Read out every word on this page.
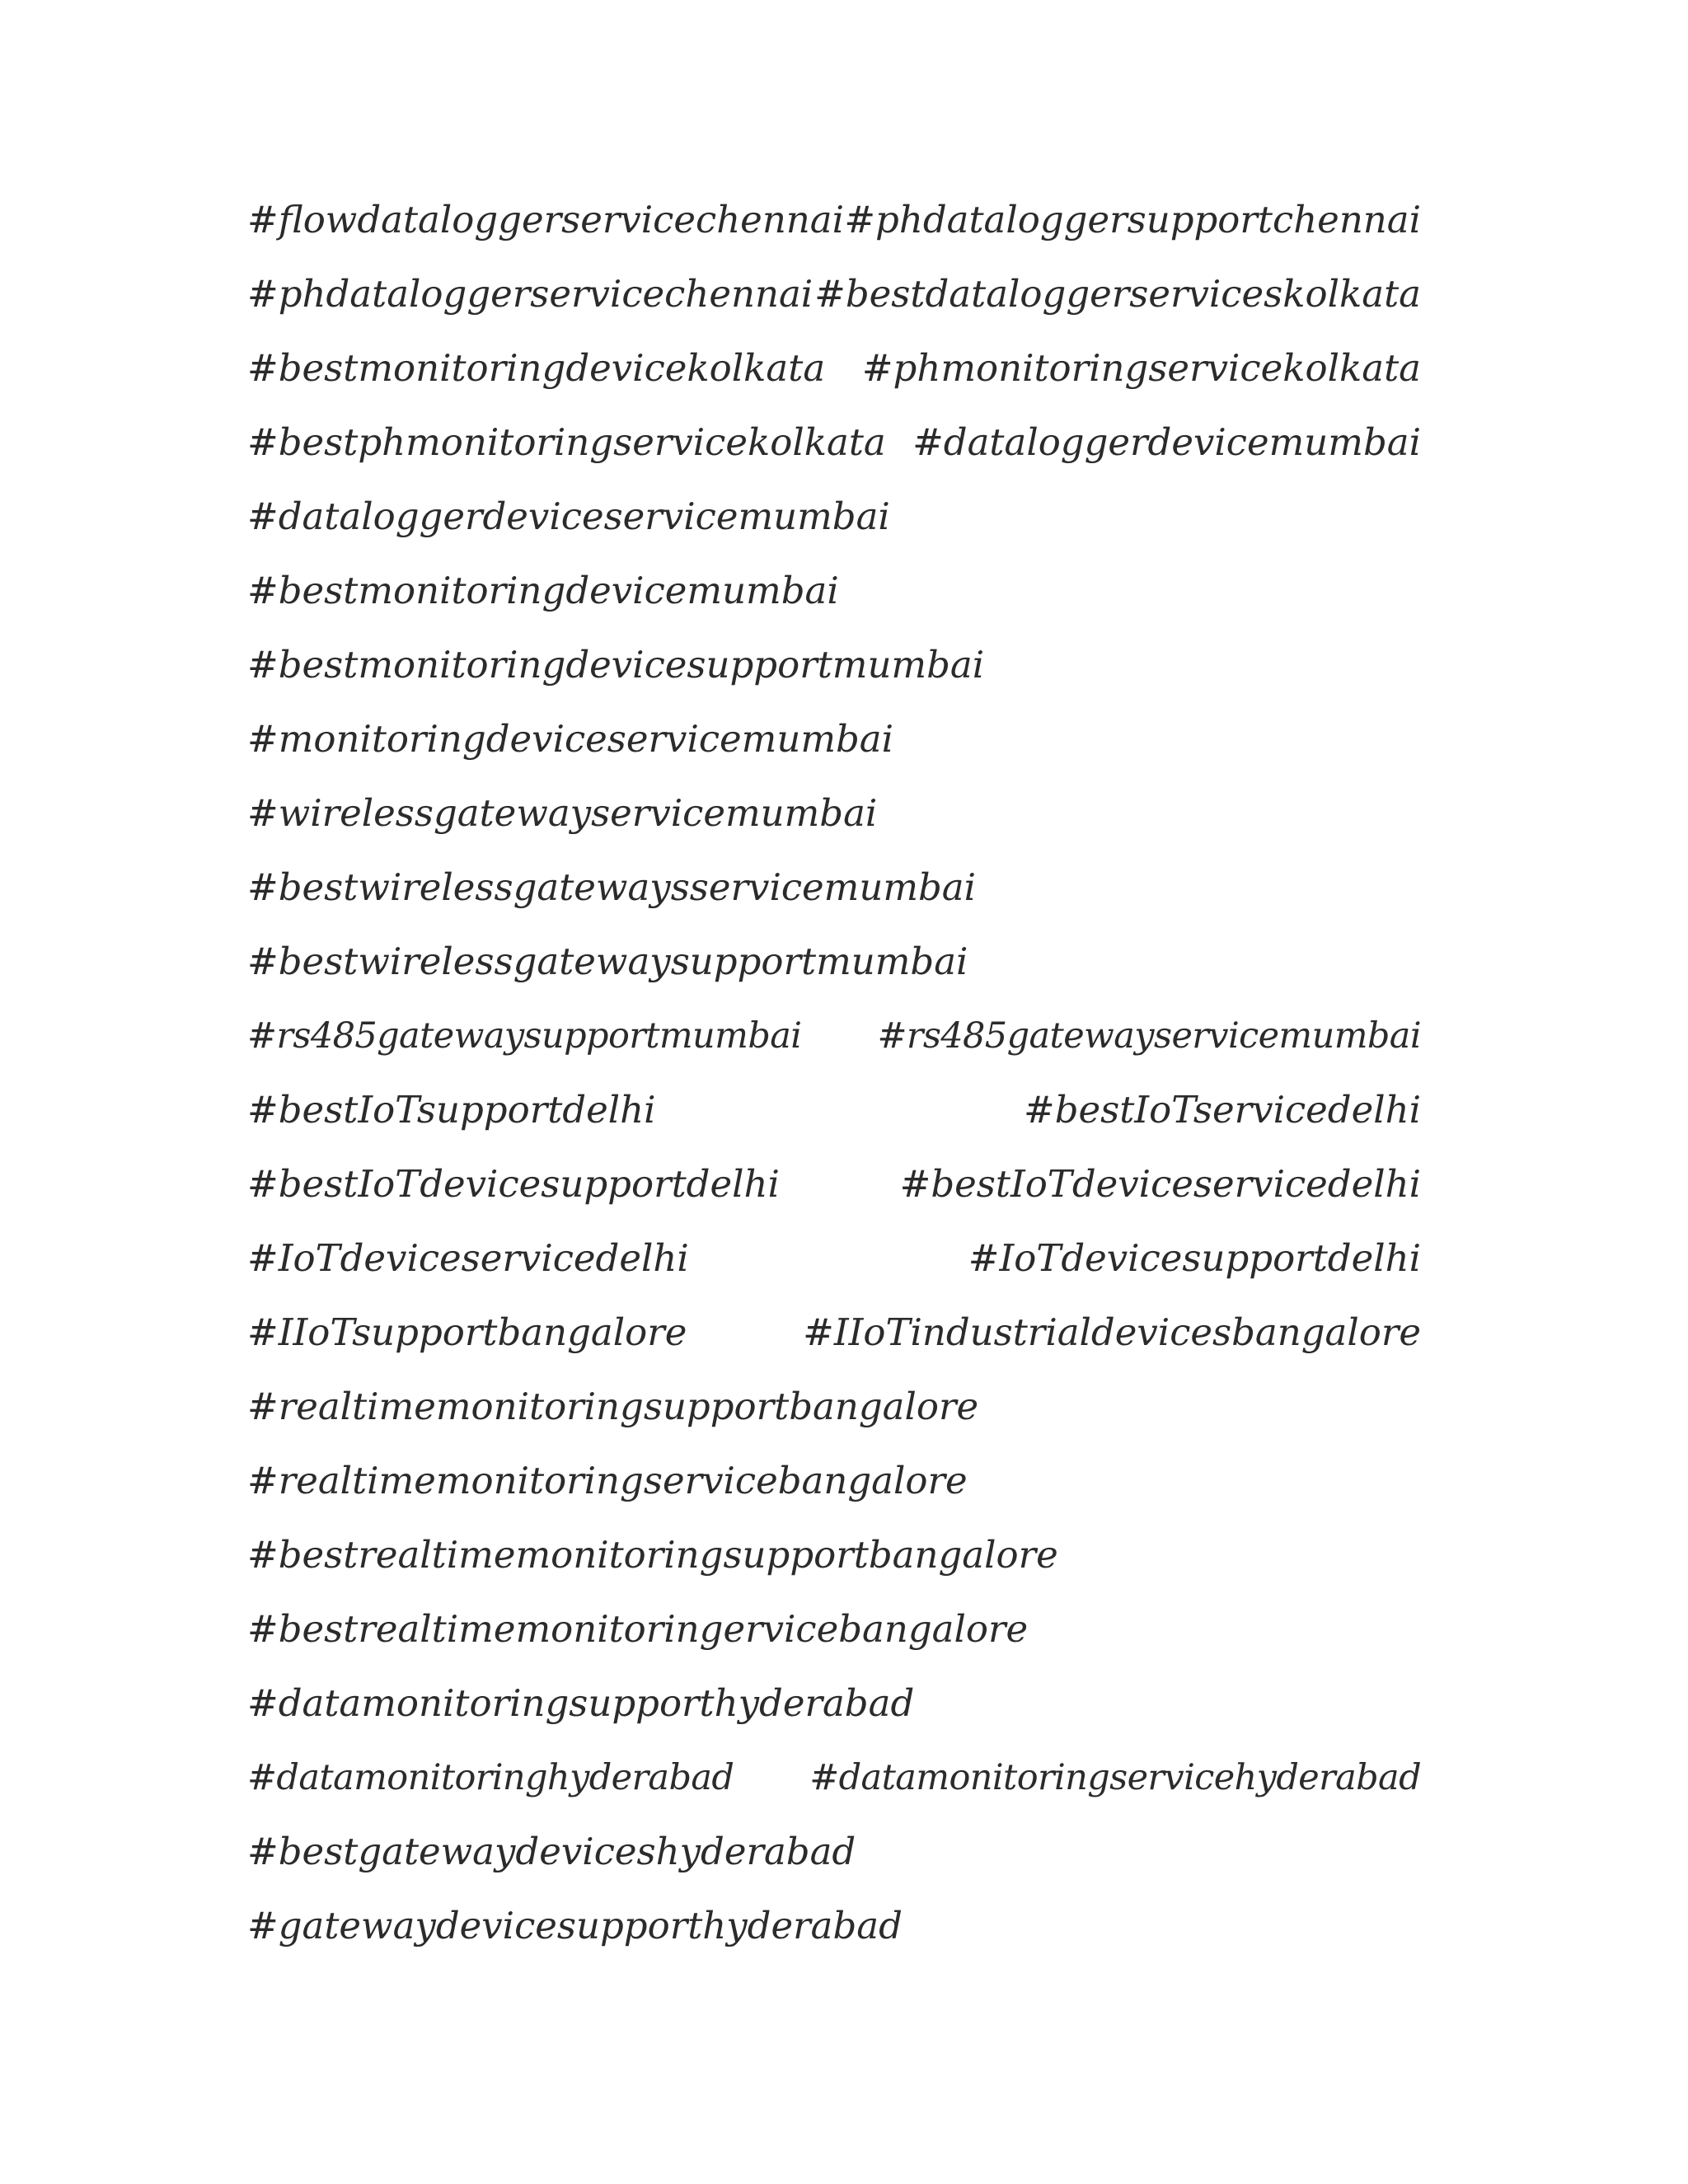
#flowdataloggerservicechennai #phdataloggersupportchennai
#phdataloggerservicechennai #bestdataloggerserviceskolkata
#bestmonitoringdevicekolkata #phmonitoringservicekolkata
#bestphmonitoringservicekolkata #dataloggerdevicemumbai
#dataloggerdeviceservicemumbai
#bestmonitoringdevicemumbai
#bestmonitoringdevicesupportmumbai
#monitoringdeviceservicemumbai
#wirelessgatewayservicemumbai
#bestwirelessgatewaysservicemumbai
#bestwirelessgatewaysupportmumbai
#rs485gatewaysupportmumbai #rs485gatewayservicemumbai
#bestIoTsupportdelhi	#bestIoTservicedelhi
#bestIoTdevicesupportdelhi	#bestIoTdeviceservicedelhi
#IoTdeviceservicedelhi	#IoTdevicesupportdelhi
#IIoTsupportbangalore	#IIoTindustrialdevicesbangalore
#realtimemonitoringsupportbangalore
#realtimemonitoringservicebangalore
#bestrealtimemonitoringsupportbangalore
#bestrealtimemonitoringervicebangalore
#datamonitoringsupporthyderabad
#datamonitoringhyderabad #datamonitoringservicehyderabad
#bestgatewaydeviceshyderabad
#gatewaydevicesupporthyderabad
